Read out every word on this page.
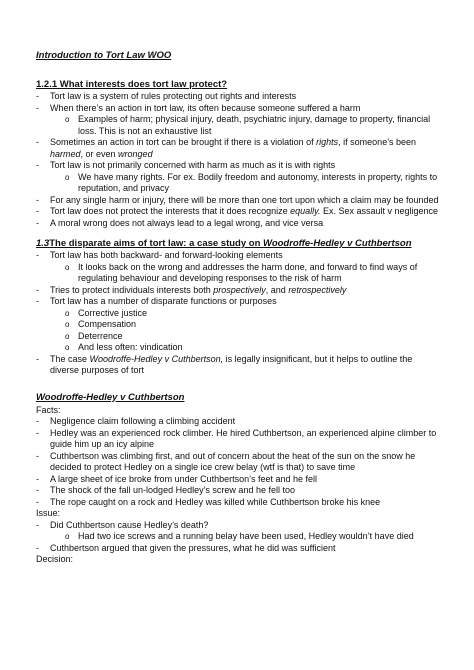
Introduction to Tort Law WOO
1.2.1 What interests does tort law protect?
- Tort law is a system of rules protecting out rights and interests
- When there’s an action in tort law, its often because someone suffered a harm
o Examples of harm; physical injury, death, psychiatric injury, damage to property, financial loss. This is not an exhaustive list
- Sometimes an action in tort can be brought if there is a violation of rights, if someone’s been harmed, or even wronged
- Tort law is not primarily concerned with harm as much as it is with rights
o We have many rights. For ex. Bodily freedom and autonomy, interests in property, rights to reputation, and privacy
- For any single harm or injury, there will be more than one tort upon which a claim may be founded
- Tort law does not protect the interests that it does recognize equally. Ex. Sex assault v negligence
- A moral wrong does not always lead to a legal wrong, and vice versa
1.3The disparate aims of tort law: a case study on Woodroffe-Hedley v Cuthbertson
- Tort law has both backward- and forward-looking elements
o It looks back on the wrong and addresses the harm done, and forward to find ways of regulating behaviour and developing responses to the risk of harm
- Tries to protect individuals interests both prospectively, and retrospectively
- Tort law has a number of disparate functions or purposes
o Corrective justice
o Compensation
o Deterrence
o And less often: vindication
- The case Woodroffe-Hedley v Cuthbertson, is legally insignificant, but it helps to outline the diverse purposes of tort
Woodroffe-Hedley v Cuthbertson

Facts:

- Negligence claim following a climbing accident
- Hedley was an experienced rock climber. He hired Cuthbertson, an experienced alpine climber to guide him up an icy alpine
- Cuthbertson was climbing first, and out of concern about the heat of the sun on the snow he decided to protect Hedley on a single ice crew belay (wtf is that) to save time
- A large sheet of ice broke from under Cuthbertson’s feet and he fell
- The shock of the fall un-lodged Hedley’s screw and he fell too
- The rope caught on a rock and Hedley was killed while Cuthbertson broke his knee

Issue:

- Did Cuthbertson cause Hedley’s death?
o Had two ice screws and a running belay have been used, Hedley wouldn’t have died
- Cuthbertson argued that given the pressures, what he did was sufficient

Decision:
